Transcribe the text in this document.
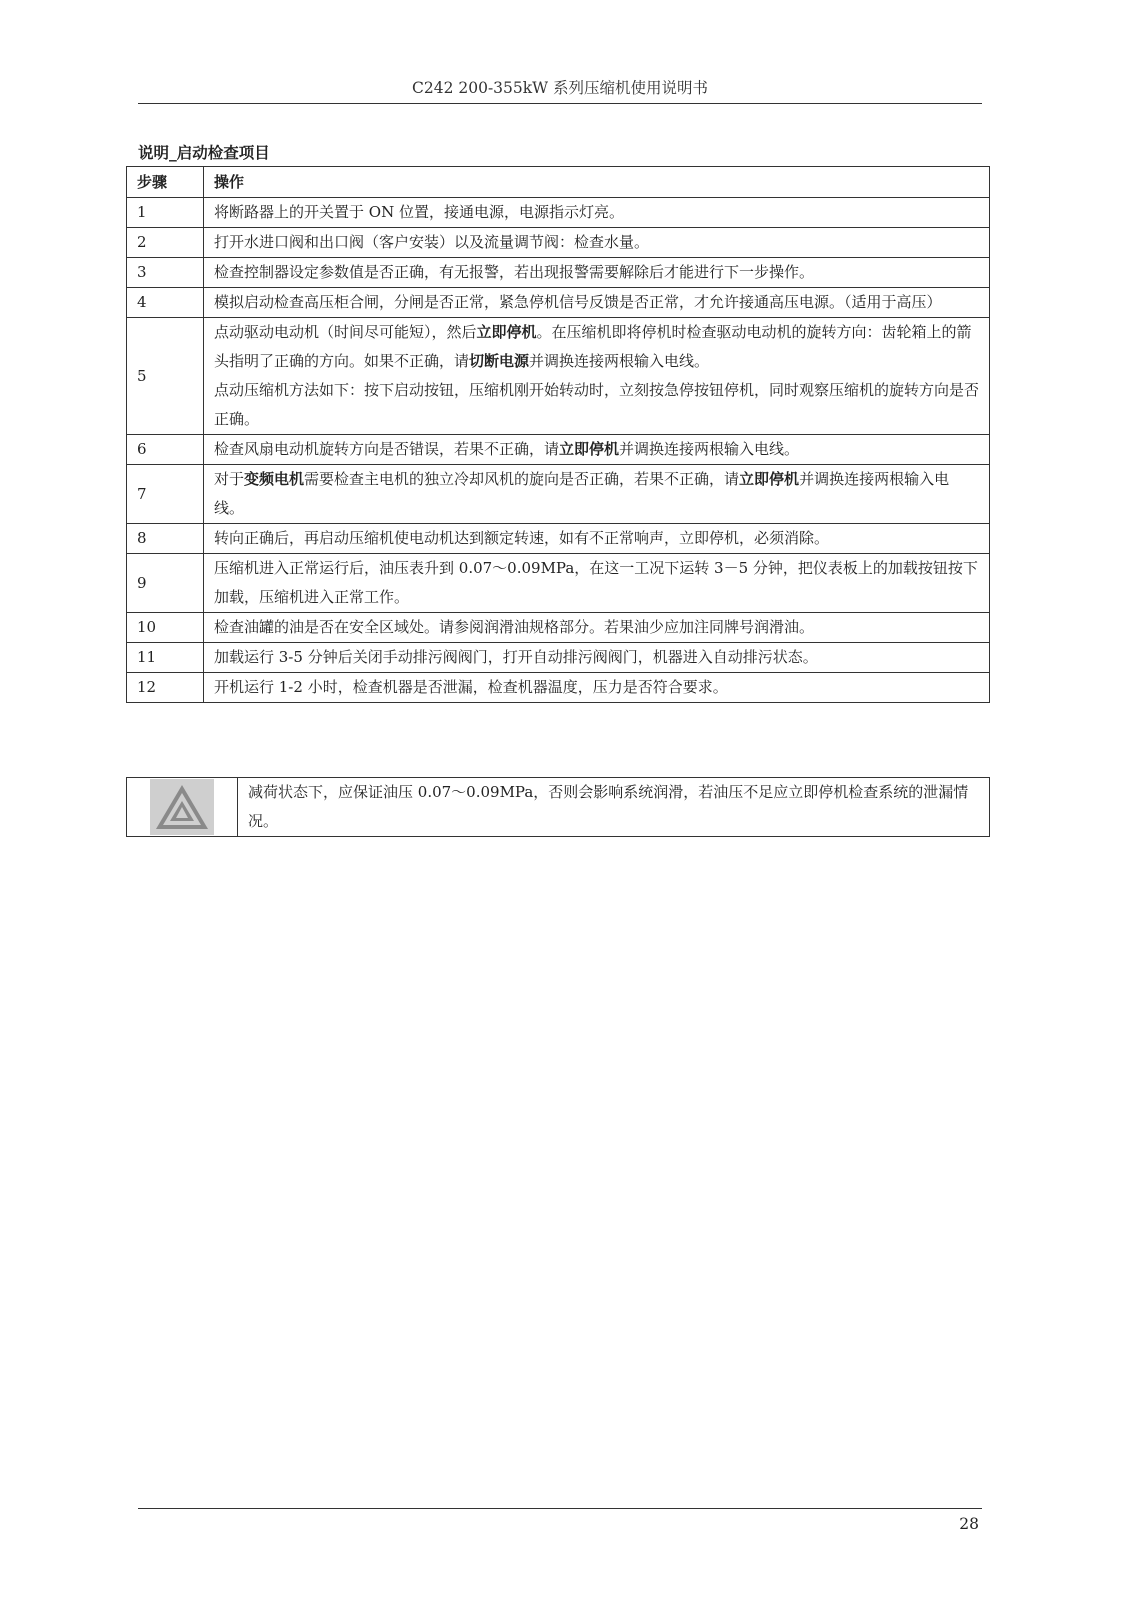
C242 200-355kW 系列压缩机使用说明书
说明_启动检查项目
步骤	操作
1	将断路器上的开关置于 ON 位置，接通电源，电源指示灯亮。
2	打开水进口阀和出口阀（客户安装）以及流量调节阀：检查水量。
3	检查控制器设定参数值是否正确，有无报警，若出现报警需要解除后才能进行下一步操作。
4	模拟启动检查高压柜合闸，分闸是否正常，紧急停机信号反馈是否正常，才允许接通高压电源。（适用于高压）
5	点动驱动电动机（时间尽可能短），然后立即停机。在压缩机即将停机时检查驱动电动机的旋转方向：齿轮箱上的箭头指明了正确的方向。如果不正确，请切断电源并调换连接两根输入电线。
点动压缩机方法如下：按下启动按钮，压缩机刚开始转动时，立刻按急停按钮停机，同时观察压缩机的旋转方向是否正确。
6	检查风扇电动机旋转方向是否错误，若果不正确，请立即停机并调换连接两根输入电线。
7	对于变频电机需要检查主电机的独立冷却风机的旋向是否正确，若果不正确，请立即停机并调换连接两根输入电线。
8	转向正确后，再启动压缩机使电动机达到额定转速，如有不正常响声，立即停机，必须消除。
9	压缩机进入正常运行后，油压表升到 0.07～0.09MPa，在这一工况下运转 3－5 分钟，把仪表板上的加载按钮按下加载，压缩机进入正常工作。
10	检查油罐的油是否在安全区域处。请参阅润滑油规格部分。若果油少应加注同牌号润滑油。
11	加载运行 3-5 分钟后关闭手动排污阀阀门，打开自动排污阀阀门，机器进入自动排污状态。
12	开机运行 1-2 小时，检查机器是否泄漏，检查机器温度，压力是否符合要求。
	减荷状态下，应保证油压 0.07～0.09MPa，否则会影响系统润滑，若油压不足应立即停机检查系统的泄漏情况。
28
